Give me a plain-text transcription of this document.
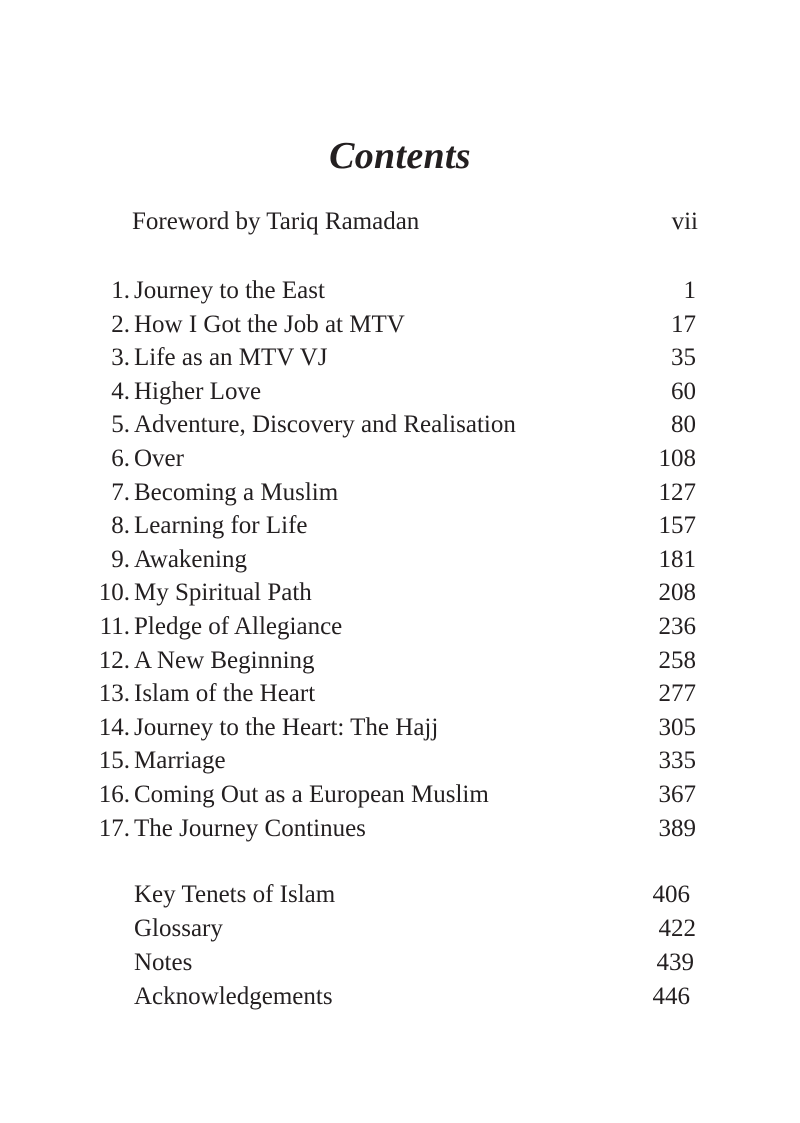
Contents
Foreword by Tariq Ramadan	vii
1. Journey to the East	1
2. How I Got the Job at MTV	17
3. Life as an MTV VJ	35
4. Higher Love	60
5. Adventure, Discovery and Realisation	80
6. Over	108
7. Becoming a Muslim	127
8. Learning for Life	157
9. Awakening	181
10. My Spiritual Path	208
11. Pledge of Allegiance	236
12. A New Beginning	258
13. Islam of the Heart	277
14. Journey to the Heart: The Hajj	305
15. Marriage	335
16. Coming Out as a European Muslim	367
17. The Journey Continues	389
Key Tenets of Islam	406
Glossary	422
Notes	439
Acknowledgements	446
